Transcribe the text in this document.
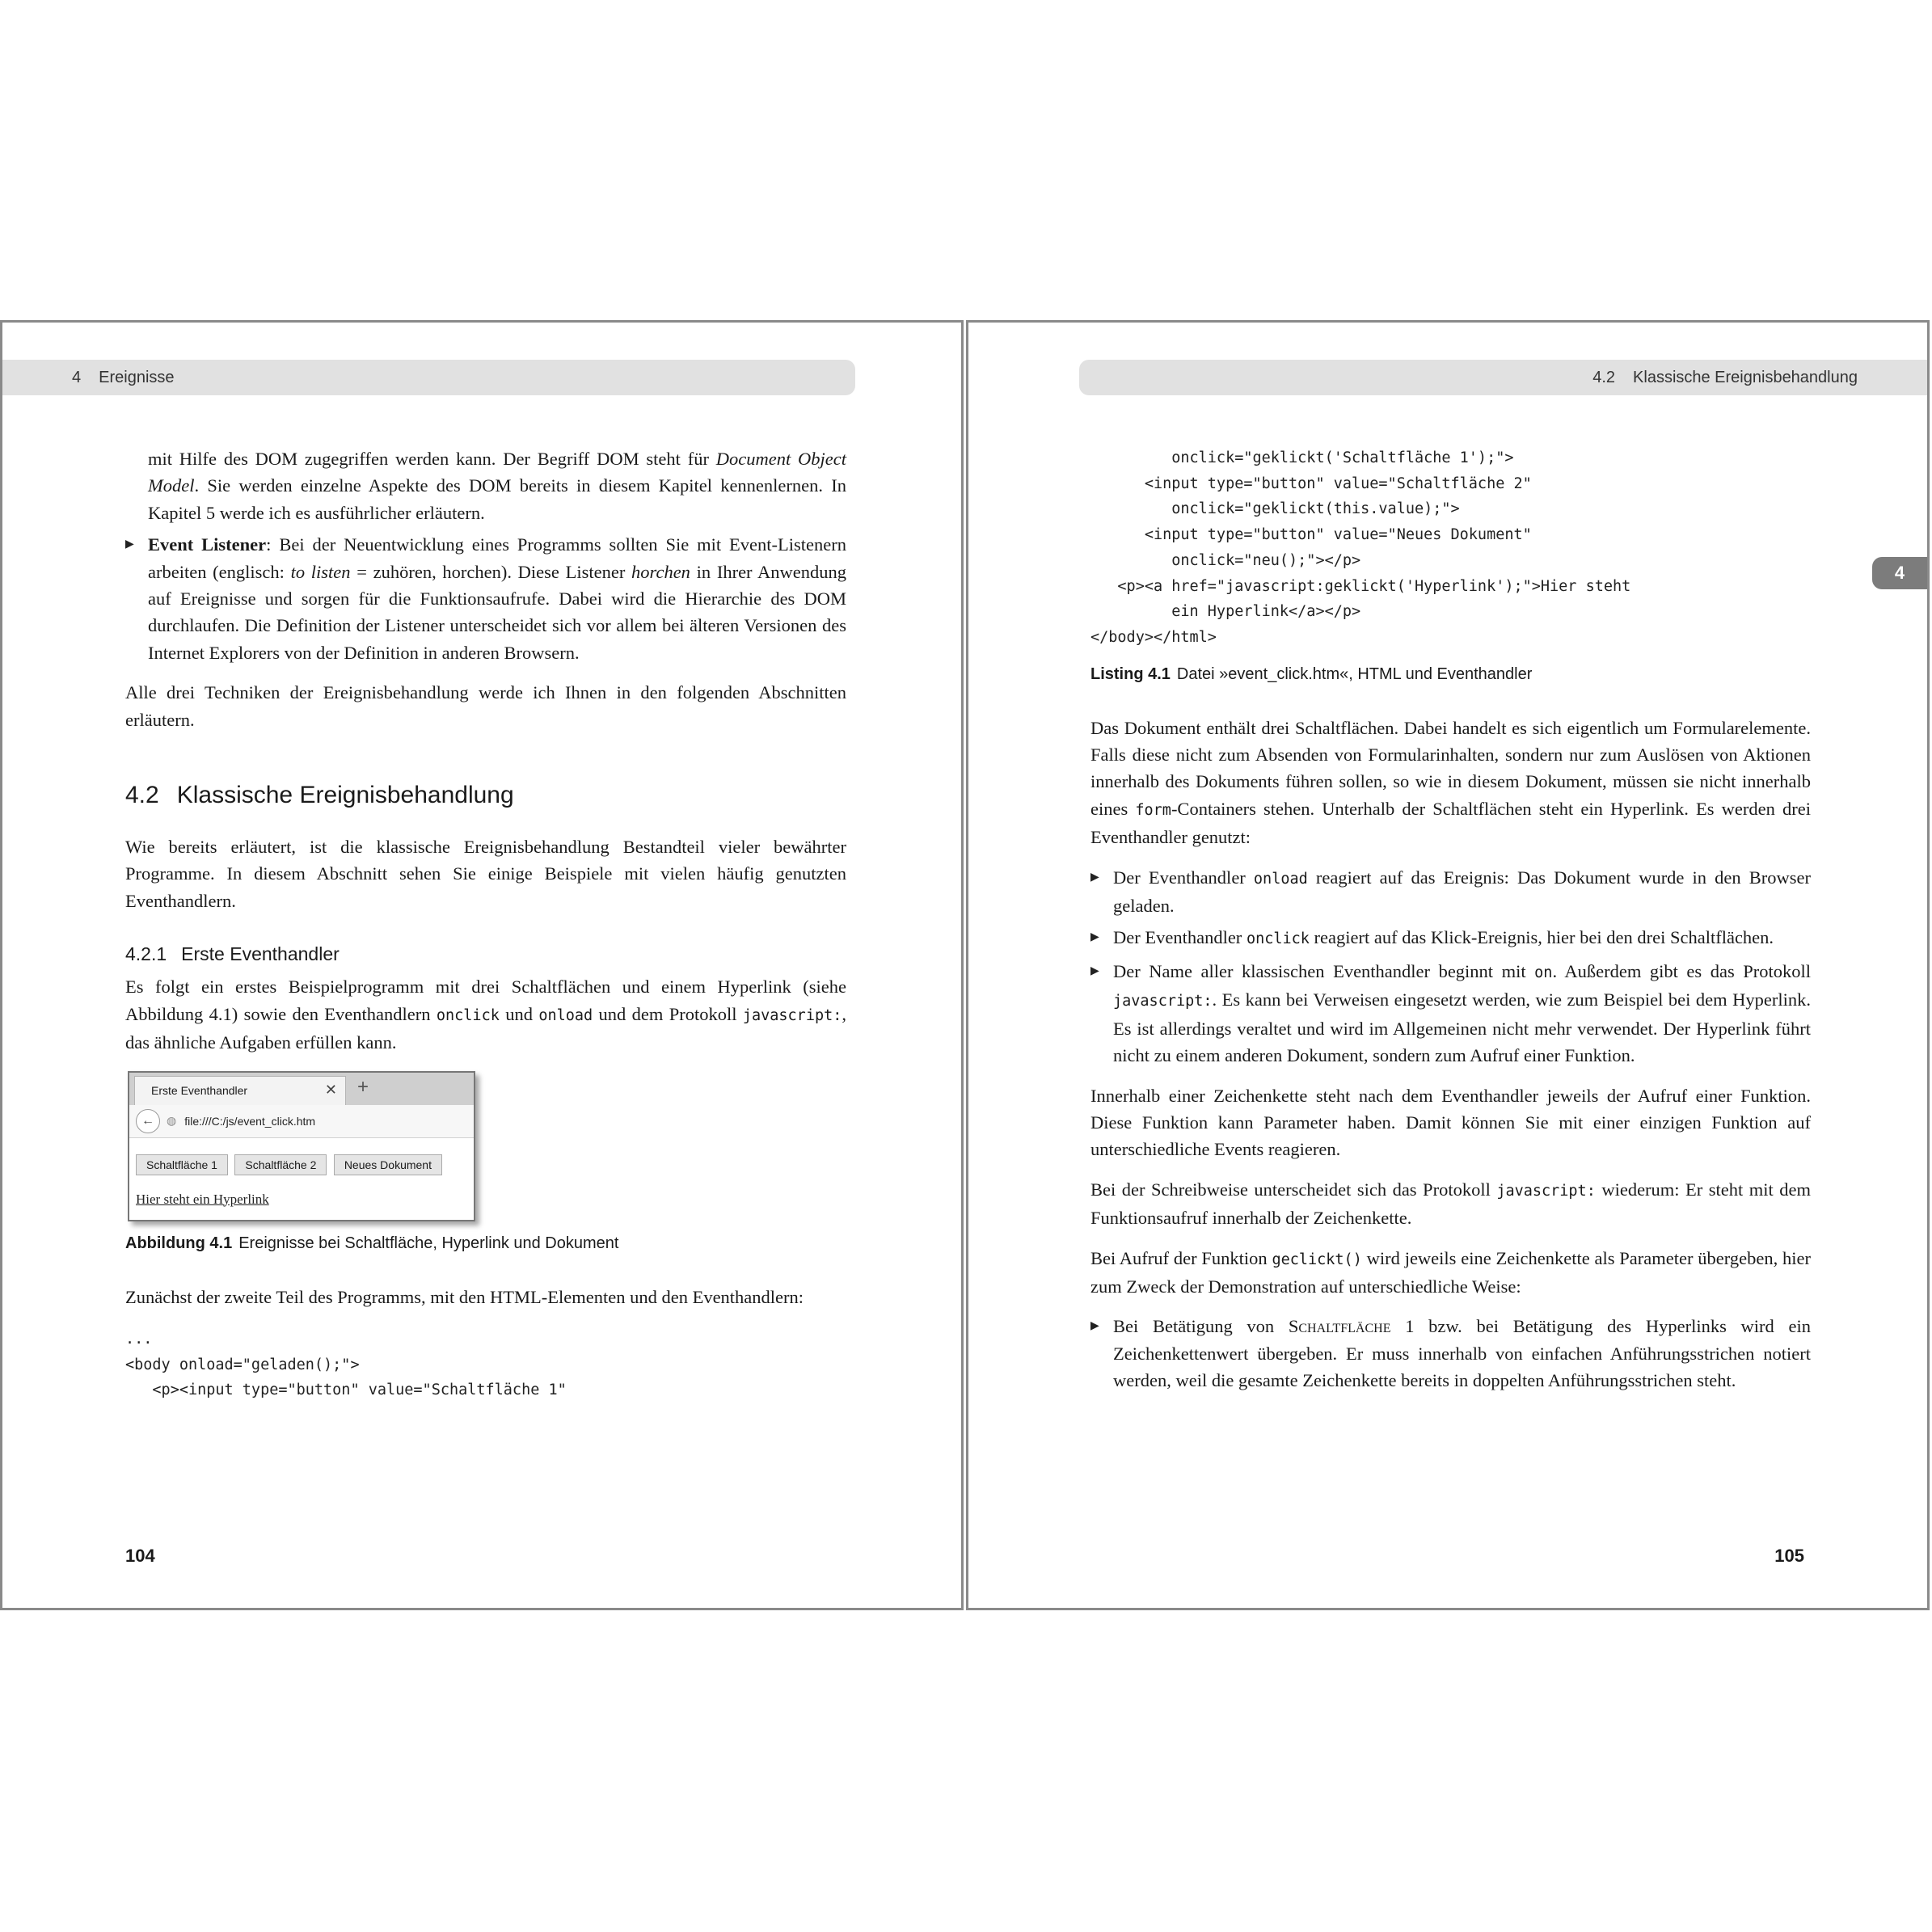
4 Ereignisse
mit Hilfe des DOM zugegriffen werden kann. Der Begriff DOM steht für Document Object Model. Sie werden einzelne Aspekte des DOM bereits in diesem Kapitel kennenlernen. In Kapitel 5 werde ich es ausführlicher erläutern.
▶ Event Listener: Bei der Neuentwicklung eines Programms sollten Sie mit Event-Listenern arbeiten (englisch: to listen = zuhören, horchen). Diese Listener horchen in Ihrer Anwendung auf Ereignisse und sorgen für die Funktionsaufrufe. Dabei wird die Hierarchie des DOM durchlaufen. Die Definition der Listener unterscheidet sich vor allem bei älteren Versionen des Internet Explorers von der Definition in anderen Browsern.

Alle drei Techniken der Ereignisbehandlung werde ich Ihnen in den folgenden Abschnitten erläutern.

4.2 Klassische Ereignisbehandlung

Wie bereits erläutert, ist die klassische Ereignisbehandlung Bestandteil vieler bewährter Programme. In diesem Abschnitt sehen Sie einige Beispiele mit vielen häufig genutzten Eventhandlern.

4.2.1 Erste Eventhandler

Es folgt ein erstes Beispielprogramm mit drei Schaltflächen und einem Hyperlink (siehe Abbildung 4.1) sowie den Eventhandlern onclick und onload und dem Protokoll javascript:, das ähnliche Aufgaben erfüllen kann.

Erste Eventhandler	✕ +
←	◍ file:///C:/js/event_click.htm
Schaltfläche 1 Schaltfläche 2 Neues Dokument
Hier steht ein Hyperlink
Abbildung 4.1 Ereignisse bei Schaltfläche, Hyperlink und Dokument

Zunächst der zweite Teil des Programms, mit den HTML-Elementen und den Eventhandlern:

...
<body onload="geladen();">
<p><input type="button" value="Schaltfläche 1"
104
4.2 Klassische Ereignisbehandlung
4
onclick="geklickt('Schaltfläche 1');">
<input type="button" value="Schaltfläche 2"
onclick="geklickt(this.value);">
<input type="button" value="Neues Dokument"
onclick="neu();"></p>
<p><a href="javascript:geklickt('Hyperlink');">Hier steht
ein Hyperlink</a></p>
</body></html>
Listing 4.1 Datei »event_click.htm«, HTML und Eventhandler

Das Dokument enthält drei Schaltflächen. Dabei handelt es sich eigentlich um Formularelemente. Falls diese nicht zum Absenden von Formularinhalten, sondern nur zum Auslösen von Aktionen innerhalb des Dokuments führen sollen, so wie in diesem Dokument, müssen sie nicht innerhalb eines form-Containers stehen. Unterhalb der Schaltflächen steht ein Hyperlink. Es werden drei Eventhandler genutzt:

▶ Der Eventhandler onload reagiert auf das Ereignis: Das Dokument wurde in den Browser geladen.
▶ Der Eventhandler onclick reagiert auf das Klick-Ereignis, hier bei den drei Schaltflächen.
▶ Der Name aller klassischen Eventhandler beginnt mit on. Außerdem gibt es das Protokoll javascript:. Es kann bei Verweisen eingesetzt werden, wie zum Beispiel bei dem Hyperlink. Es ist allerdings veraltet und wird im Allgemeinen nicht mehr verwendet. Der Hyperlink führt nicht zu einem anderen Dokument, sondern zum Aufruf einer Funktion.

Innerhalb einer Zeichenkette steht nach dem Eventhandler jeweils der Aufruf einer Funktion. Diese Funktion kann Parameter haben. Damit können Sie mit einer einzigen Funktion auf unterschiedliche Events reagieren.

Bei der Schreibweise unterscheidet sich das Protokoll javascript: wiederum: Er steht mit dem Funktionsaufruf innerhalb der Zeichenkette.

Bei Aufruf der Funktion geclickt() wird jeweils eine Zeichenkette als Parameter übergeben, hier zum Zweck der Demonstration auf unterschiedliche Weise:

▶ Bei Betätigung von Schaltfläche 1 bzw. bei Betätigung des Hyperlinks wird ein Zeichenkettenwert übergeben. Er muss innerhalb von einfachen Anführungsstrichen notiert werden, weil die gesamte Zeichenkette bereits in doppelten Anführungsstrichen steht.
105
